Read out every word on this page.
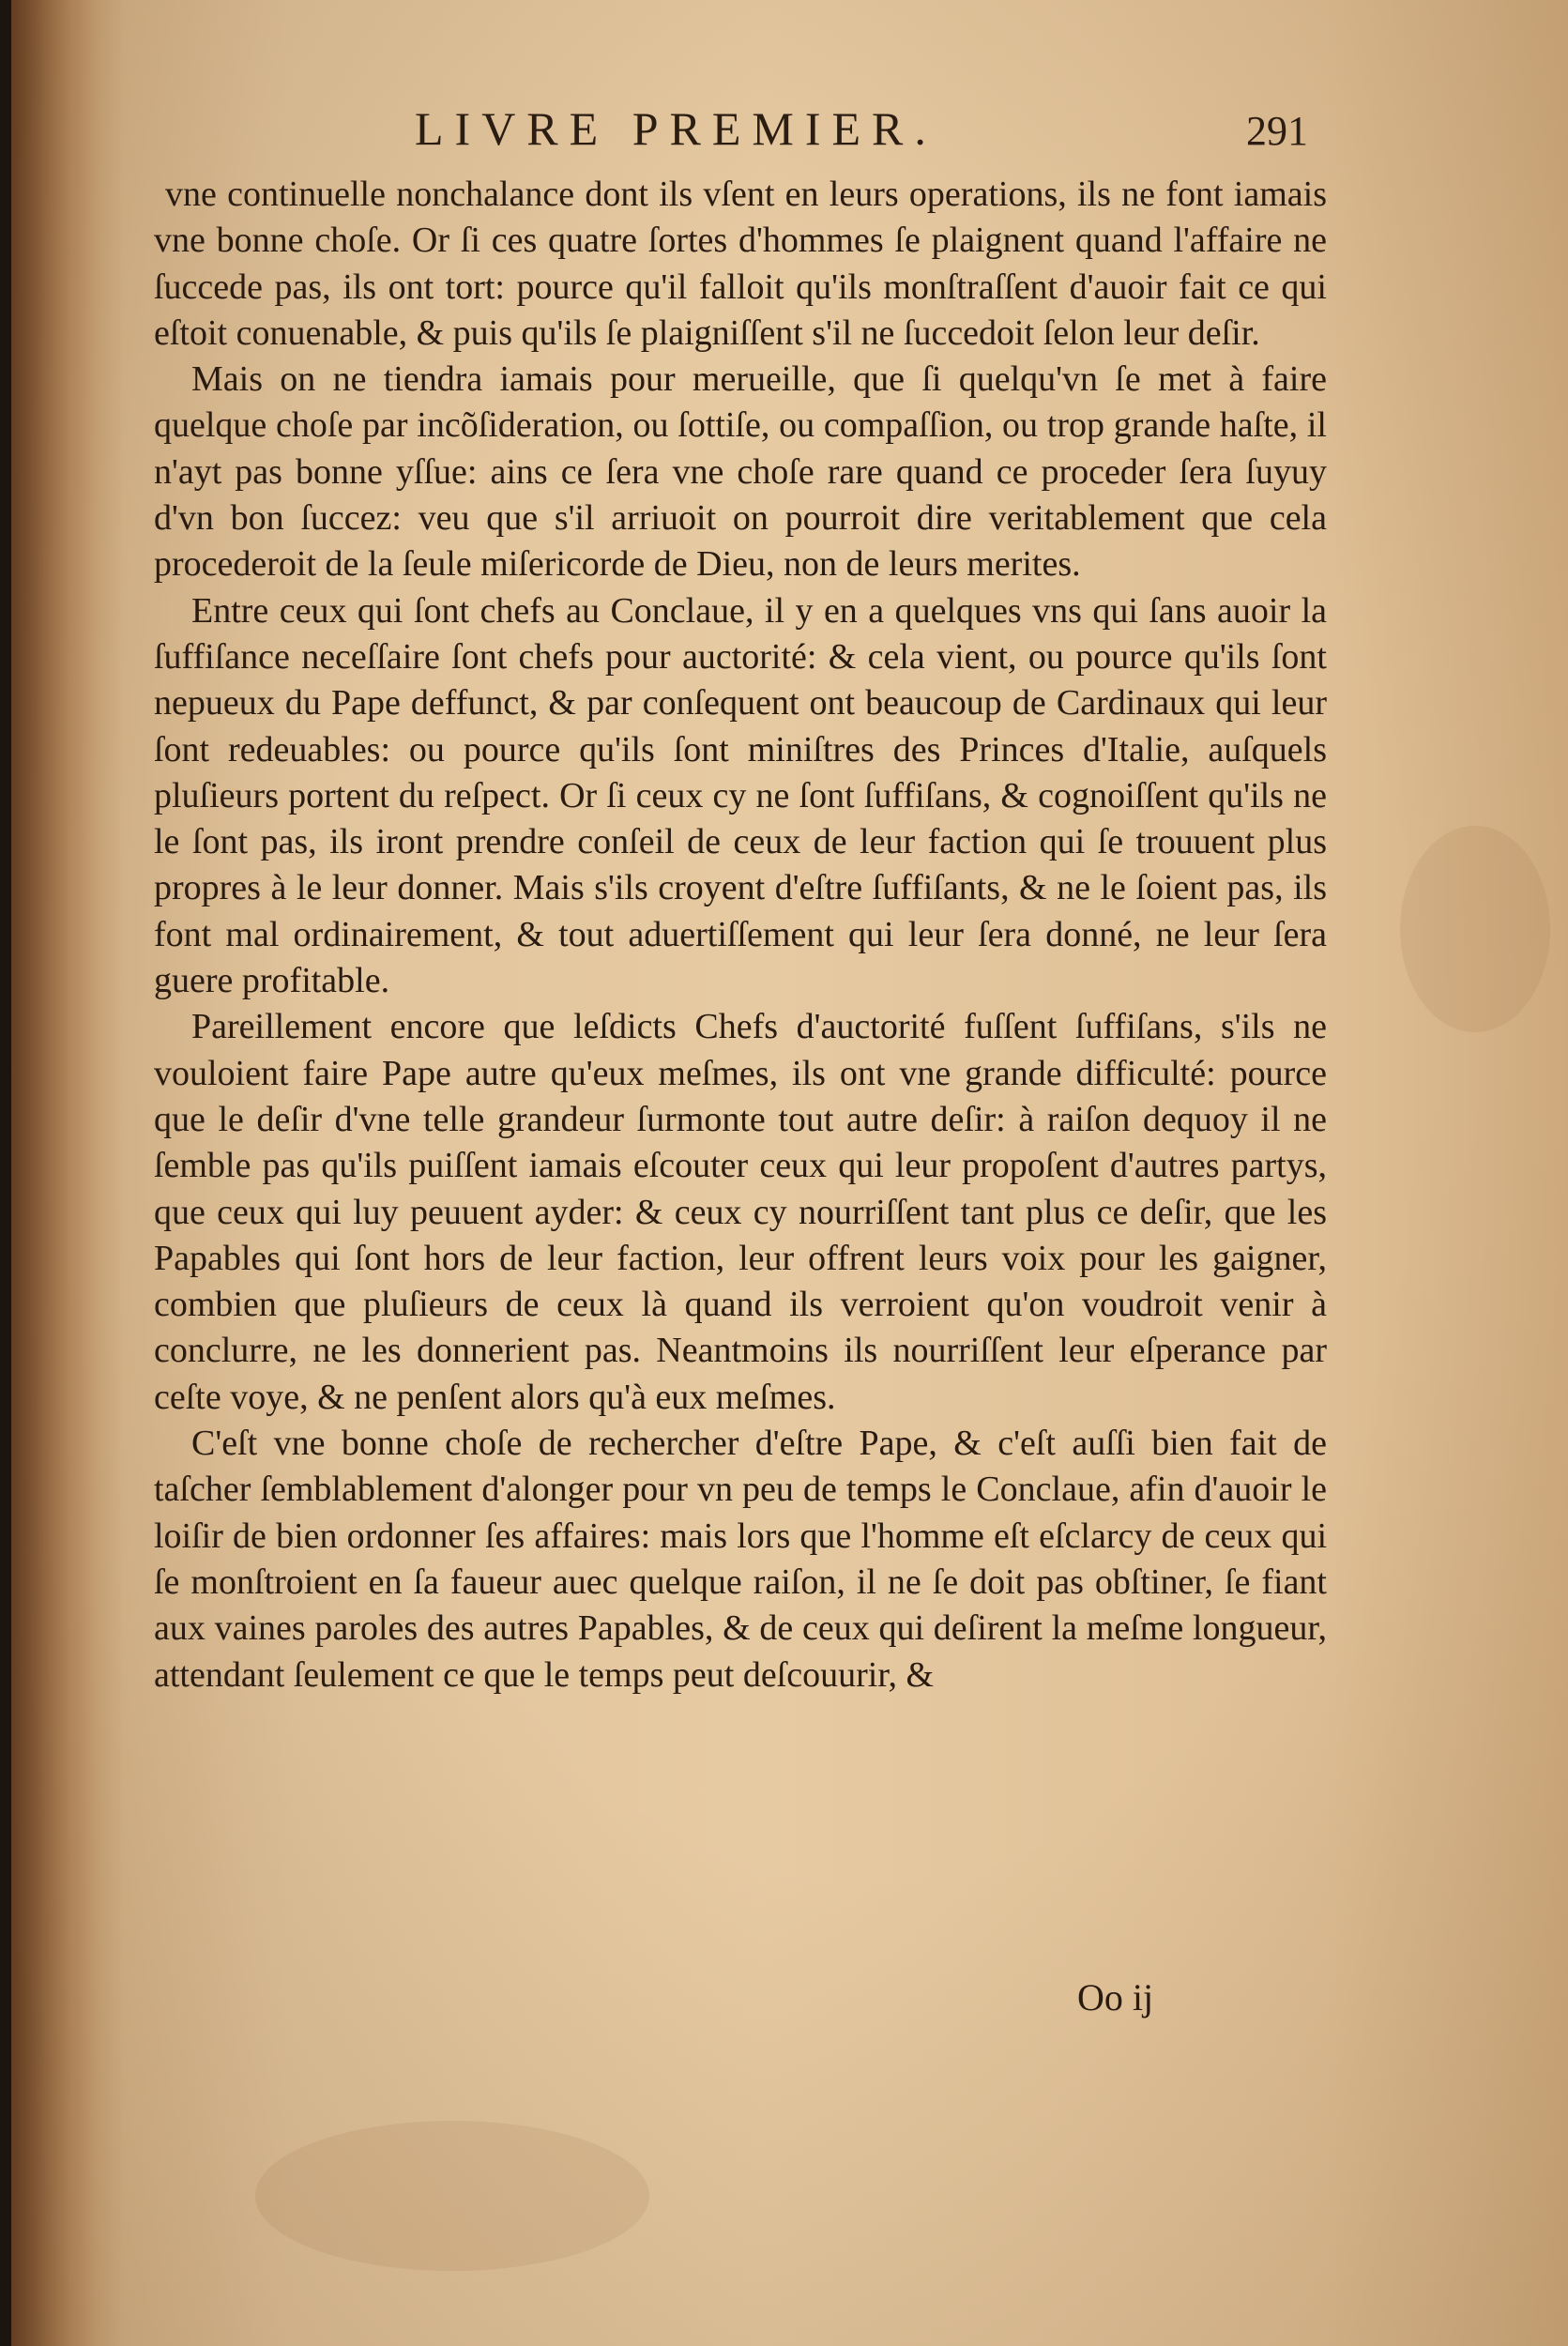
LIVRE PREMIER.	291

vne continuelle nonchalance dont ils vſent en leurs operations, ils ne font iamais vne bonne choſe. Or ſi ces quatre ſortes d'hommes ſe plaignent quand l'affaire ne ſuccede pas, ils ont tort: pource qu'il falloit qu'ils monſtraſſent d'auoir fait ce qui eſtoit conuenable, & puis qu'ils ſe plaigniſſent s'il ne ſuccedoit ſelon leur deſir.

Mais on ne tiendra iamais pour merueille, que ſi quelqu'vn ſe met à faire quelque choſe par incõſideration, ou ſottiſe, ou compaſſion, ou trop grande haſte, il n'ayt pas bonne yſſue: ains ce ſera vne choſe rare quand ce proceder ſera ſuyuy d'vn bon ſuccez: veu que s'il arriuoit on pourroit dire veritablement que cela procederoit de la ſeule miſericorde de Dieu, non de leurs merites.

Entre ceux qui ſont chefs au Conclaue, il y en a quelques vns qui ſans auoir la ſuffiſance neceſſaire ſont chefs pour auctorité: & cela vient, ou pource qu'ils ſont nepueux du Pape deffunct, & par conſequent ont beaucoup de Cardinaux qui leur ſont redeuables: ou pource qu'ils ſont miniſtres des Princes d'Italie, auſquels pluſieurs portent du reſpect. Or ſi ceux cy ne ſont ſuffiſans, & cognoiſſent qu'ils ne le ſont pas, ils iront prendre conſeil de ceux de leur faction qui ſe trouuent plus propres à le leur donner. Mais s'ils croyent d'eſtre ſuffiſants, & ne le ſoient pas, ils font mal ordinairement, & tout aduertiſſement qui leur ſera donné, ne leur ſera guere profitable.

Pareillement encore que leſdicts Chefs d'auctorité fuſſent ſuffiſans, s'ils ne vouloient faire Pape autre qu'eux meſmes, ils ont vne grande difficulté: pource que le deſir d'vne telle grandeur ſurmonte tout autre deſir: à raiſon dequoy il ne ſemble pas qu'ils puiſſent iamais eſcouter ceux qui leur propoſent d'autres partys, que ceux qui luy peuuent ayder: & ceux cy nourriſſent tant plus ce deſir, que les Papables qui ſont hors de leur faction, leur offrent leurs voix pour les gaigner, combien que pluſieurs de ceux là quand ils verroient qu'on voudroit venir à conclurre, ne les donnerient pas. Neantmoins ils nourriſſent leur eſperance par ceſte voye, & ne penſent alors qu'à eux meſmes.

C'eſt vne bonne choſe de rechercher d'eſtre Pape, & c'eſt auſſi bien fait de taſcher ſemblablement d'alonger pour vn peu de temps le Conclaue, afin d'auoir le loiſir de bien ordonner ſes affaires: mais lors que l'homme eſt eſclarcy de ceux qui ſe monſtroient en ſa faueur auec quelque raiſon, il ne ſe doit pas obſtiner, ſe fiant aux vaines paroles des autres Papables, & de ceux qui deſirent la meſme longueur, attendant ſeulement ce que le temps peut deſcouurir, &

Oo ij
